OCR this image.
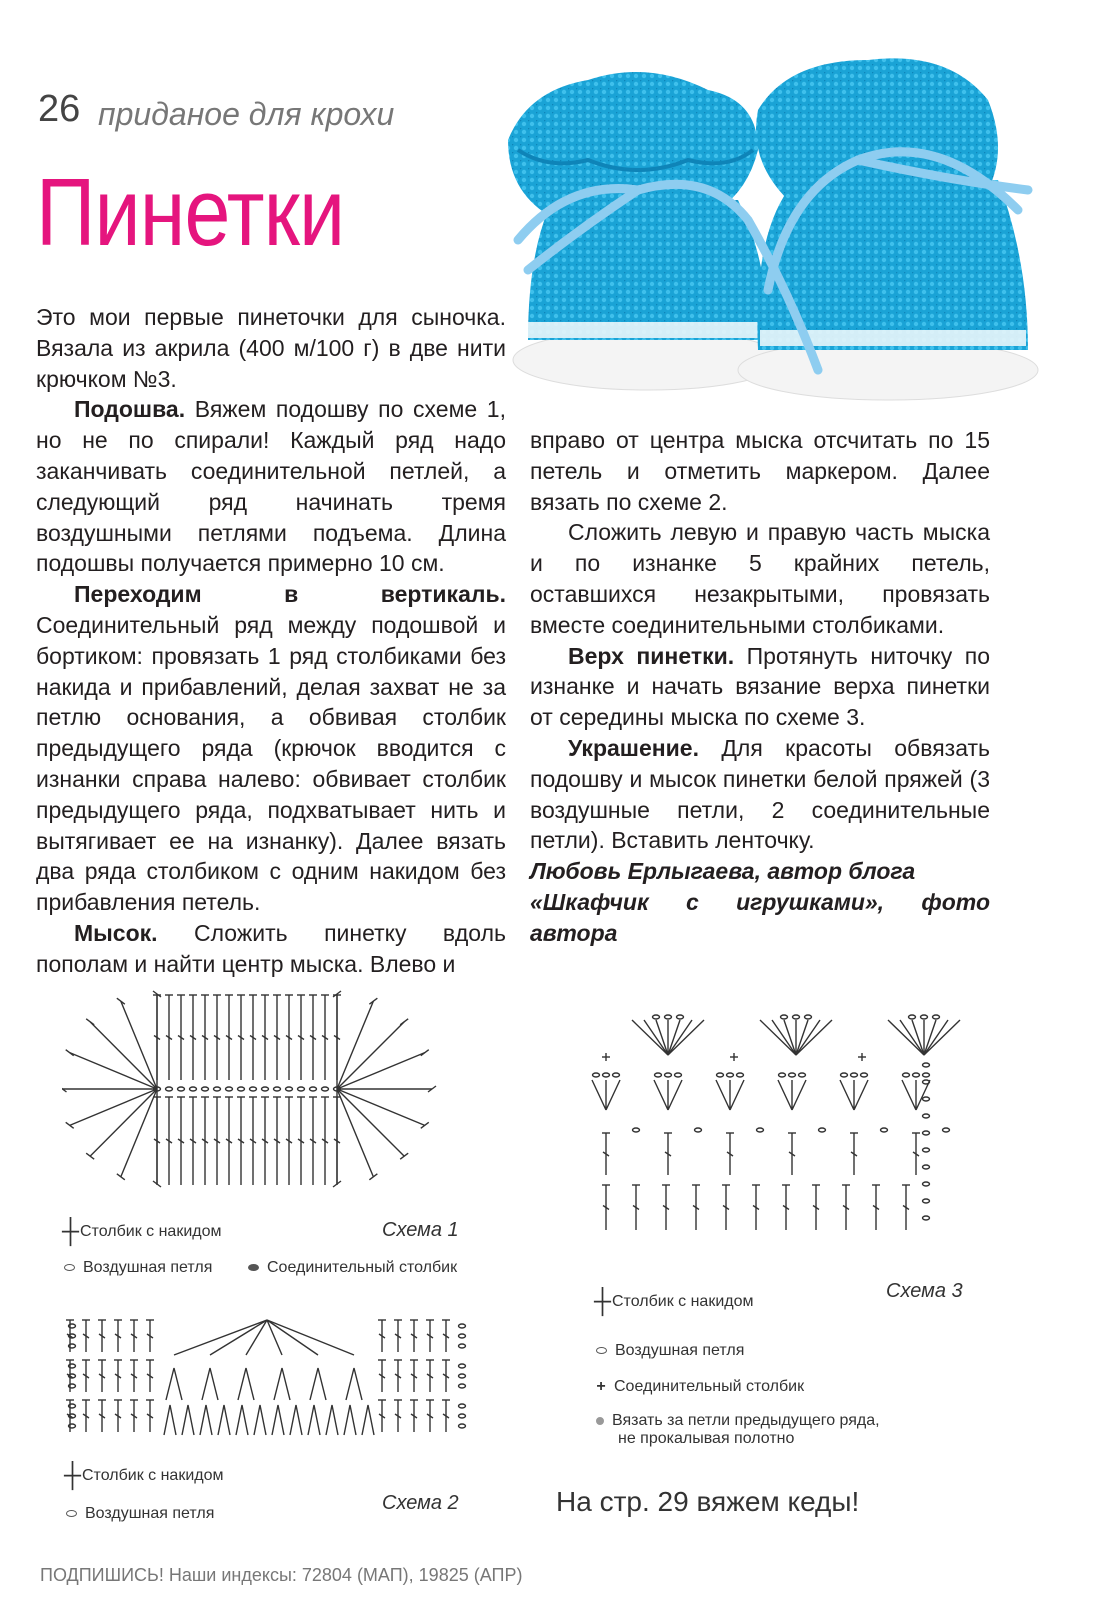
26 приданое для крохи
Пинетки

Это мои первые пинеточки для сыночка. Вязала из акрила (400 м/100 г) в две нити крючком №3.

Подошва. Вяжем подошву по схеме 1, но не по спирали! Каждый ряд надо заканчивать соединительной петлей, а следующий ряд начинать тремя воздушными петлями подъема. Длина подошвы получается примерно 10 см.

Переходим в вертикаль. Соединительный ряд между подошвой и бортиком: провязать 1 ряд столбиками без накида и прибавлений, делая захват не за петлю основания, а обвивая столбик предыдущего ряда (крючок вводится с изнанки справа налево: обвивает столбик предыдущего ряда, подхватывает нить и вытягивает ее на изнанку). Далее вязать два ряда столбиком с одним накидом без прибавления петель.

Мысок. Сложить пинетку вдоль пополам и найти центр мыска. Влево и

вправо от центра мыска отсчитать по 15 петель и отметить маркером. Далее вязать по схеме 2.

Сложить левую и правую часть мыска и по изнанке 5 крайних петель, оставшихся незакрытыми, провязать вместе соединительными столбиками.

Верх пинетки. Протянуть ниточку по изнанке и начать вязание верха пинетки от середины мыска по схеме 3.

Украшение. Для красоты обвязать подошву и мысок пинетки белой пряжей (3 воздушные петли, 2 соединительные петли). Вставить ленточку.

Любовь Ерлыгаева, автор блога

«Шкафчик с игрушками», фото автора

┼Столбик с накидом	Схема 1
Воздушная петля	Соединительный столбик
┼Столбик с накидом
Воздушная петля	Схема 2
┼Столбик с накидом	Схема 3
Воздушная петля
+ Соединительный столбик
Вязать за петли предыдущего ряда,
не прокалывая полотно
На стр. 29 вяжем кеды!
ПОДПИШИСЬ! Наши индексы: 72804 (МАП), 19825 (АПР)
